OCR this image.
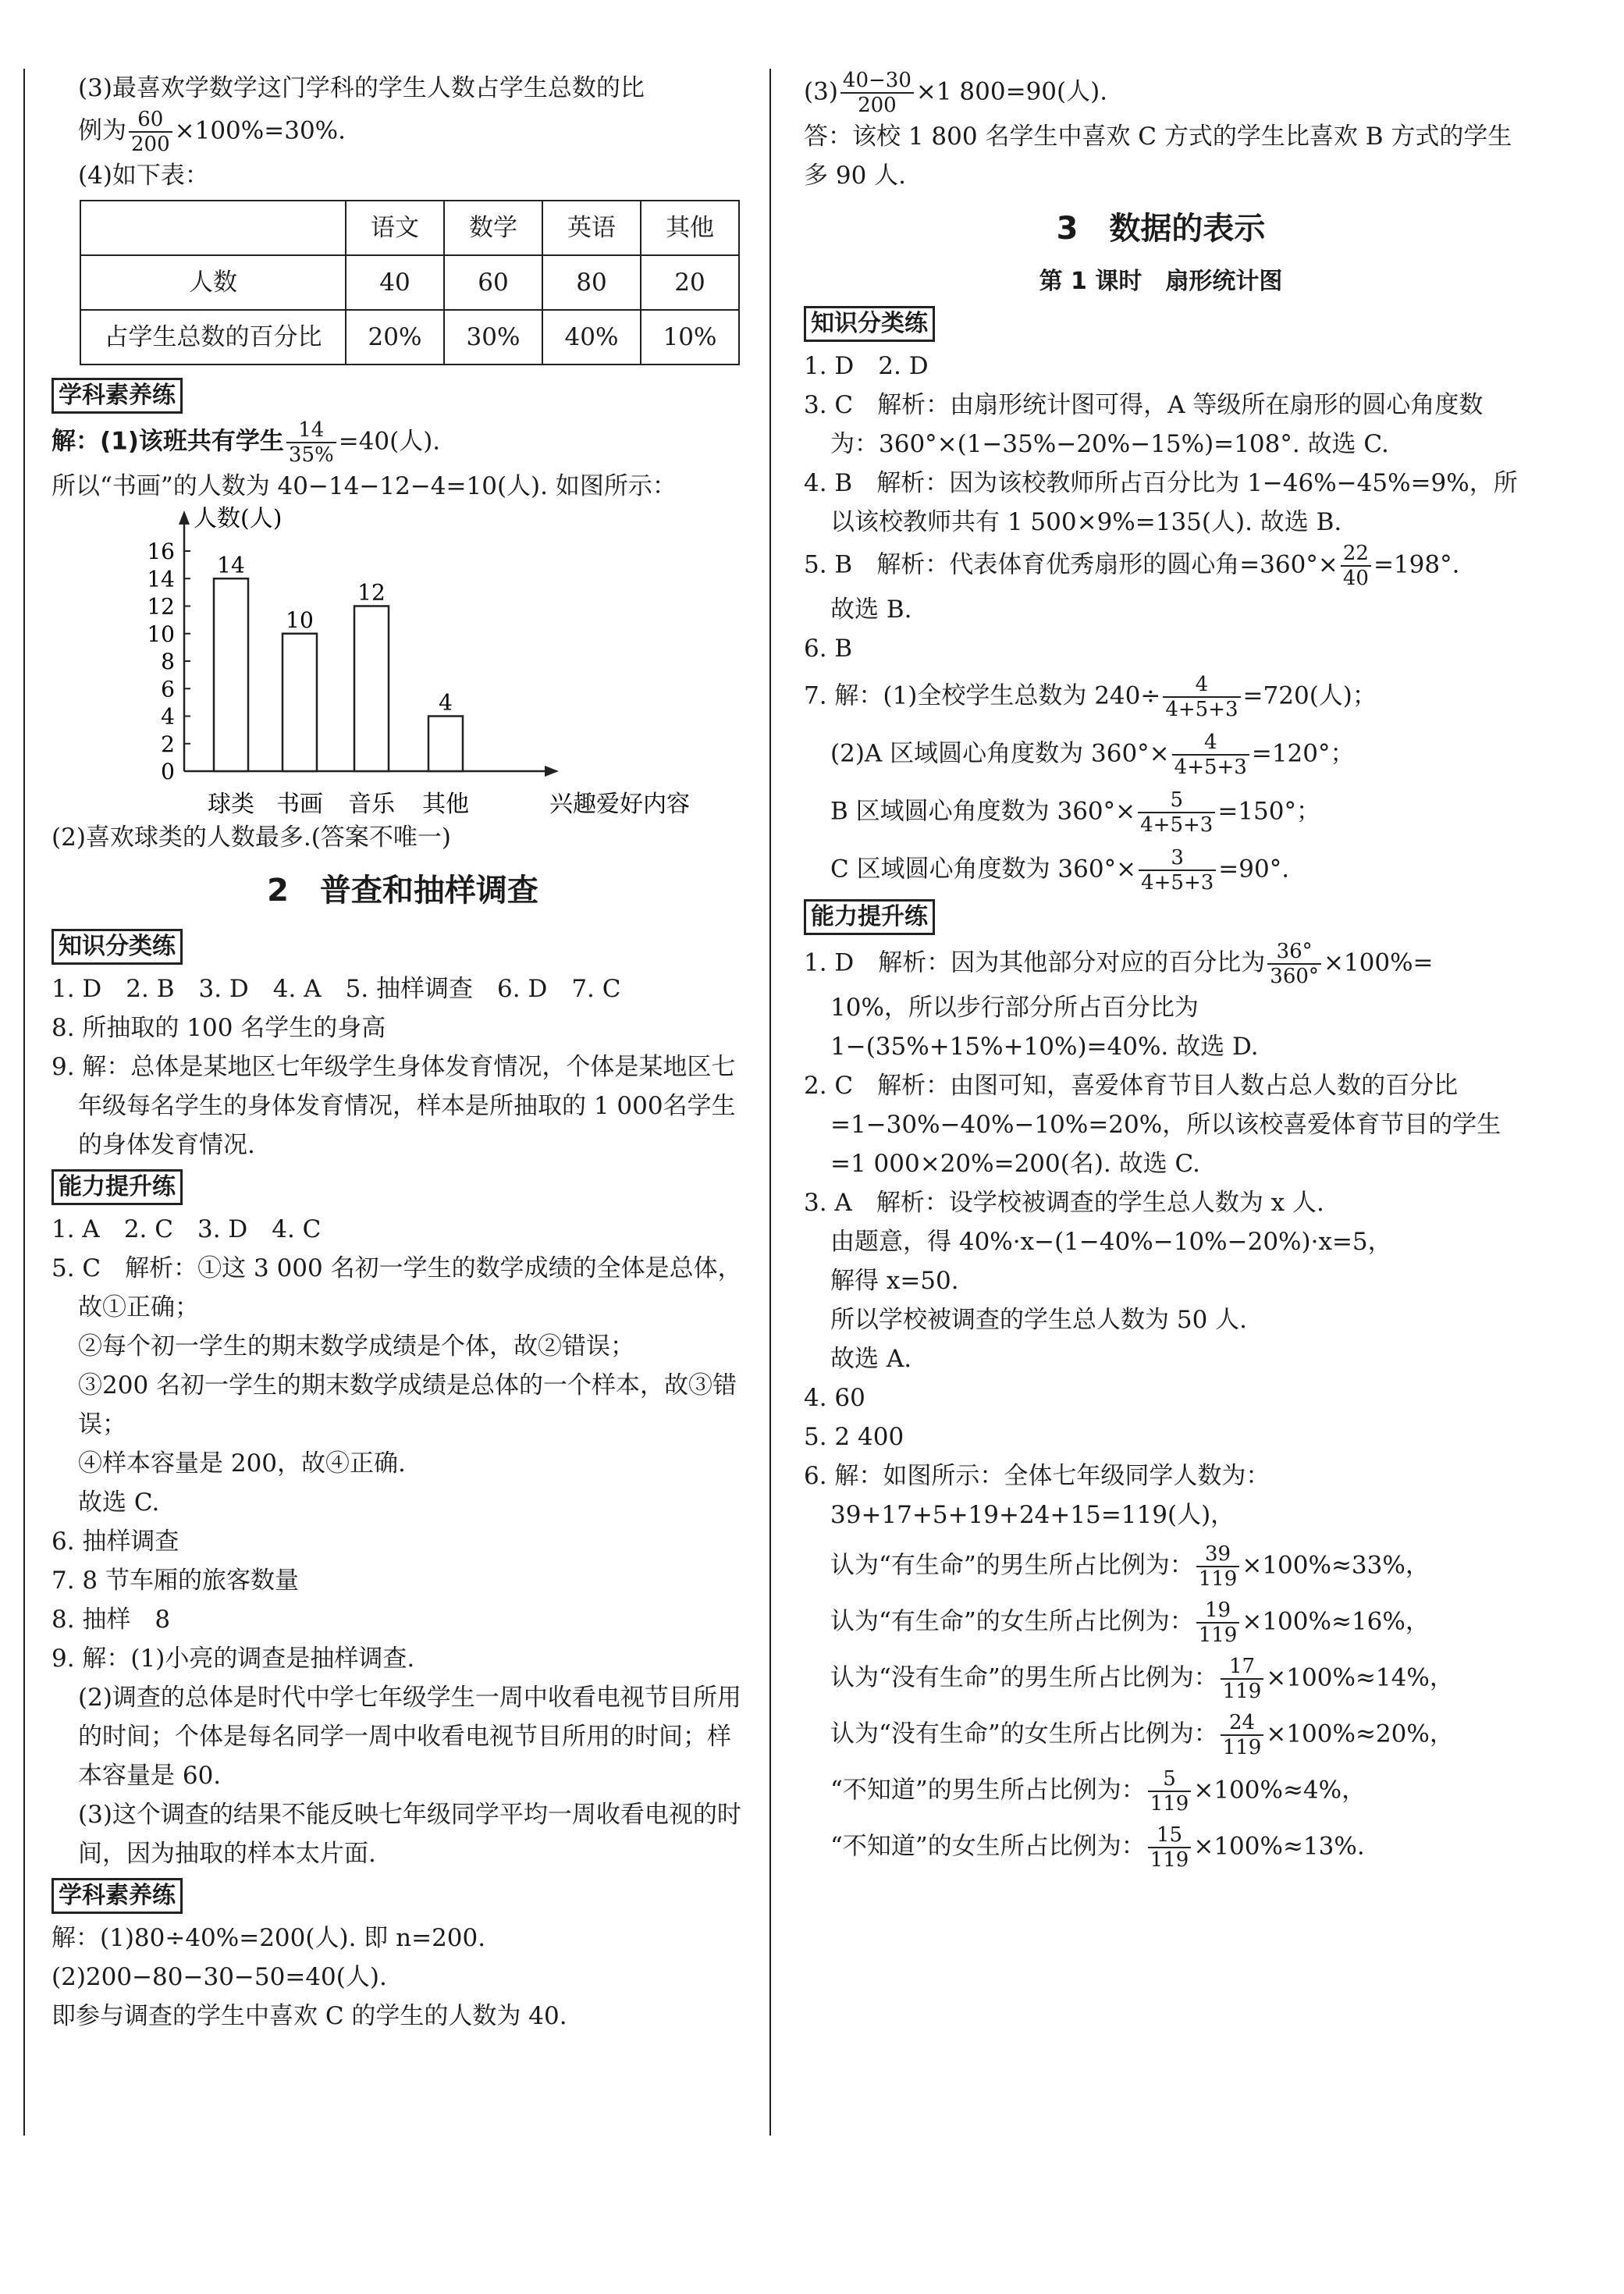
(3)最喜欢学数学这门学科的学生人数占学生总数的比

例为 $\frac{60}{200} \times 100\%=30\%$.

(4)如下表：

	语文	数学	英语	其他
人数	40	60	80	20
占学生总数的百分比	20%	30%	40%	10%
学科素养练

解：(1)该班共有学生 $\frac{14}{35\%} =40$(人).

所以“书画”的人数为 40−14−12−4=10(人). 如图所示：

人数(人)
兴趣爱好内容
0
2
4
6
8
10
12
14
16
14
球类
10
书画
12
音乐
4
其他

(2)喜欢球类的人数最多.(答案不唯一)

2　普查和抽样调查
知识分类练

1. D　2. B　3. D　4. A　5. 抽样调查　6. D　7. C

8. 所抽取的 100 名学生的身高

9. 解：总体是某地区七年级学生身体发育情况，个体是某地区七年级每名学生的身体发育情况，样本是所抽取的 1 000名学生的身体发育情况.

能力提升练

1. A　2. C　3. D　4. C

5. C　解析：①这 3 000 名初一学生的数学成绩的全体是总体，故①正确；

②每个初一学生的期末数学成绩是个体，故②错误；

③200 名初一学生的期末数学成绩是总体的一个样本，故③错误；

④样本容量是 200，故④正确.

故选 C.

6. 抽样调查

7. 8 节车厢的旅客数量

8. 抽样　8

9. 解：(1)小亮的调查是抽样调查.

(2)调查的总体是时代中学七年级学生一周中收看电视节目所用的时间；个体是每名同学一周中收看电视节目所用的时间；样本容量是 60.

(3)这个调查的结果不能反映七年级同学平均一周收看电视的时间，因为抽取的样本太片面.

学科素养练

解：(1)80÷40%=200(人). 即 n=200.

(2)200−80−30−50=40(人).

即参与调查的学生中喜欢 C 的学生的人数为 40.

$(3) \frac{40-30}{200} \times 1$ 800=90(人).

答：该校 1 800 名学生中喜欢 C 方式的学生比喜欢 B 方式的学生多 90 人.

3　数据的表示
第 1 课时　扇形统计图
知识分类练

1. D　2. D

3. C　解析：由扇形统计图可得，A 等级所在扇形的圆心角度数为：360°×(1−35%−20%−15%)=108°. 故选 C.

4. B　解析：因为该校教师所占百分比为 1−46%−45%=9%，所以该校教师共有 1 500×9%=135(人). 故选 B.

5. B　解析：代表体育优秀扇形的圆心角$=360^\circ\times \frac{22}{40} =198^\circ$.

故选 B.

6. B

7. 解：(1)全校学生总数为 $240\div \frac{4}{4+5+3} =720$(人)；

(2)A 区域圆心角度数为 $360^\circ\times \frac{4}{4+5+3} =120^\circ$；

B 区域圆心角度数为 $360^\circ\times \frac{5}{4+5+3} =150^\circ$；

C 区域圆心角度数为 $360^\circ\times \frac{3}{4+5+3} =90^\circ$.

能力提升练

1. D　解析：因为其他部分对应的百分比为 $\frac{36^\circ}{360^\circ} \times 100\%=$

10%，所以步行部分所占百分比为 1−(35%+15%+10%)=40%. 故选 D.

2. C　解析：由图可知，喜爱体育节目人数占总人数的百分比=1−30%−40%−10%=20%，所以该校喜爱体育节目的学生=1 000×20%=200(名). 故选 C.

3. A　解析：设学校被调查的学生总人数为 x 人.

由题意，得 40%·x−(1−40%−10%−20%)·x=5，

解得 x=50.

所以学校被调查的学生总人数为 50 人.

故选 A.

4. 60

5. 2 400

6. 解：如图所示：全体七年级同学人数为：39+17+5+19+24+15=119(人)，

认为“有生命”的男生所占比例为： $\frac{39}{119} \times 100\%\approx 33\%$，

认为“有生命”的女生所占比例为： $\frac{19}{119} \times 100\%\approx 16\%$，

认为“没有生命”的男生所占比例为： $\frac{17}{119} \times 100\%\approx 14\%$，

认为“没有生命”的女生所占比例为： $\frac{24}{119} \times 100\%\approx 20\%$，

“不知道”的男生所占比例为： $\frac{5}{119} \times 100\%\approx 4\%$，

“不知道”的女生所占比例为： $\frac{15}{119} \times 100\%\approx 13\%$.
